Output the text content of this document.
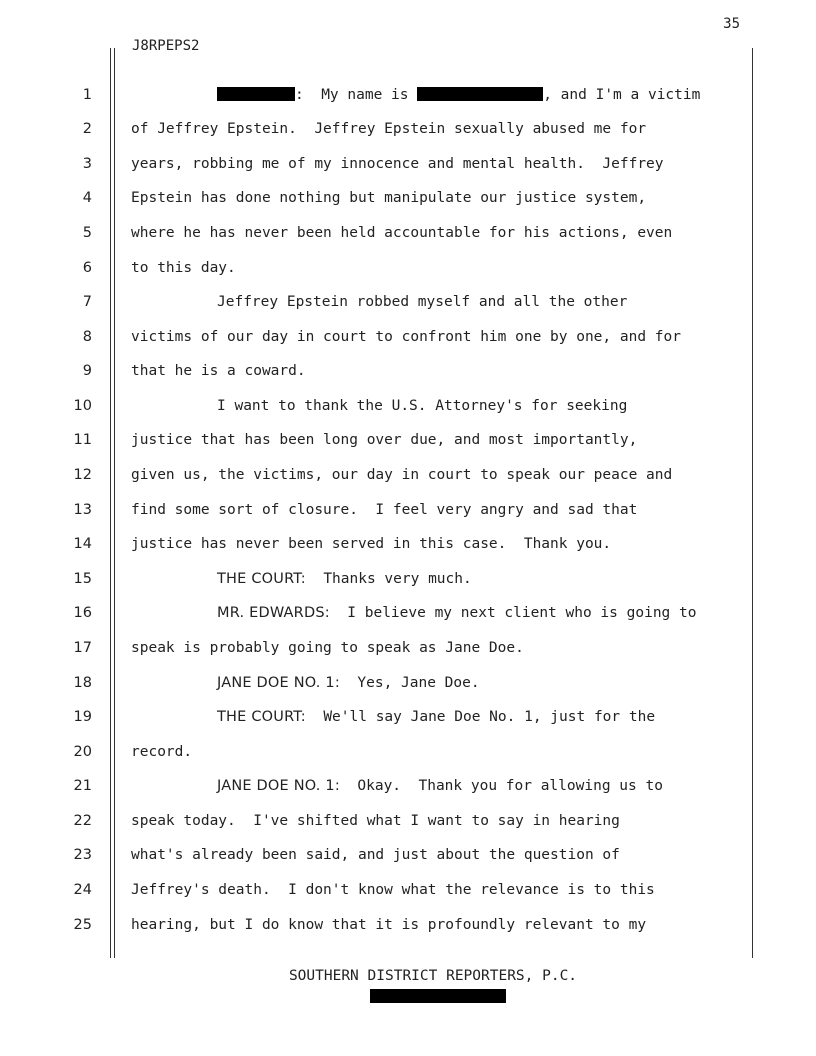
35
J8RPEPS2
1	:  My name is	, and I'm a victim
2	of Jeffrey Epstein.  Jeffrey Epstein sexually abused me for
3	years, robbing me of my innocence and mental health.  Jeffrey
4	Epstein has done nothing but manipulate our justice system,
5	where he has never been held accountable for his actions, even
6	to this day.
7	Jeffrey Epstein robbed myself and all the other
8	victims of our day in court to confront him one by one, and for
9	that he is a coward.
10	I want to thank the U.S. Attorney's for seeking
11	justice that has been long over due, and most importantly,
12	given us, the victims, our day in court to speak our peace and
13	find some sort of closure.  I feel very angry and sad that
14	justice has never been served in this case.  Thank you.
15	THE COURT:  Thanks very much.
16	MR. EDWARDS:  I believe my next client who is going to
17	speak is probably going to speak as Jane Doe.
18	JANE DOE NO. 1:  Yes, Jane Doe.
19	THE COURT:  We'll say Jane Doe No. 1, just for the
20	record.
21	JANE DOE NO. 1:  Okay.  Thank you for allowing us to
22	speak today.  I've shifted what I want to say in hearing
23	what's already been said, and just about the question of
24	Jeffrey's death.  I don't know what the relevance is to this
25	hearing, but I do know that it is profoundly relevant to my
SOUTHERN DISTRICT REPORTERS, P.C.
